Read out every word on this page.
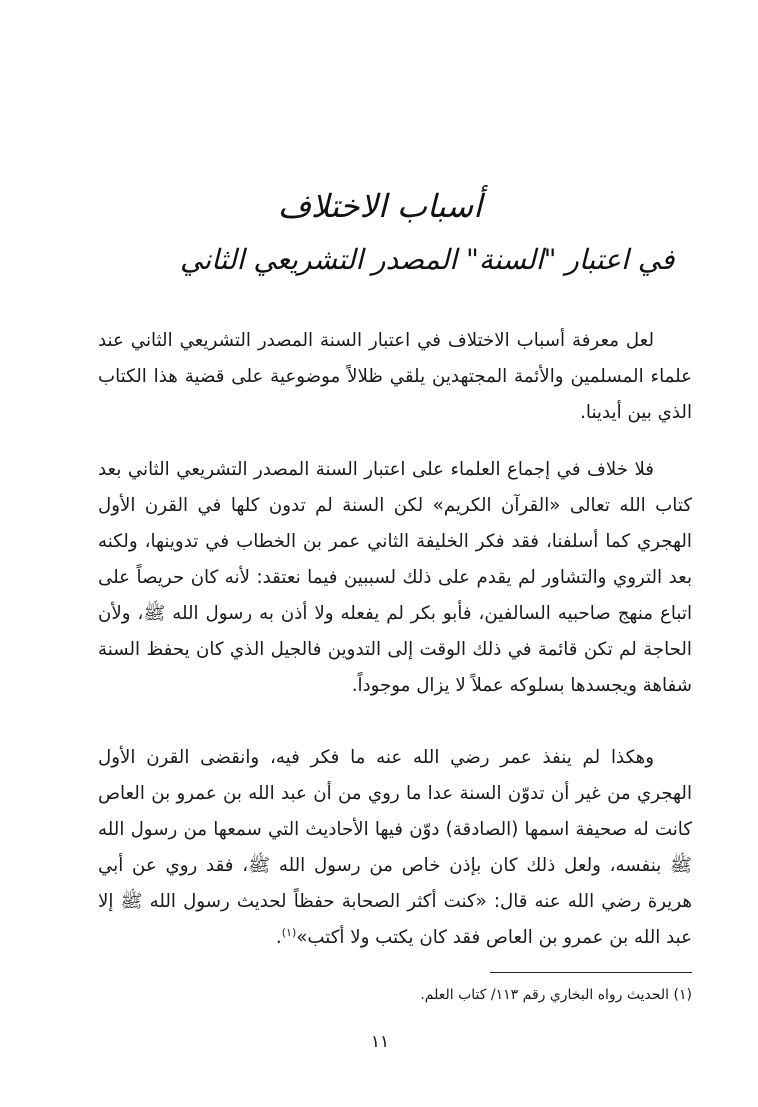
أسباب الاختلاف
في اعتبار "السنة" المصدر التشريعي الثاني

لعل معرفة أسباب الاختلاف في اعتبار السنة المصدر التشريعي الثاني عند علماء المسلمين والأئمة المجتهدين يلقي ظلالاً موضوعية على قضية هذا الكتاب الذي بين أيدينا.

فلا خلاف في إجماع العلماء على اعتبار السنة المصدر التشريعي الثاني بعد كتاب الله تعالى «القرآن الكريم» لكن السنة لم تدون كلها في القرن الأول الهجري كما أسلفنا، فقد فكر الخليفة الثاني عمر بن الخطاب في تدوينها، ولكنه بعد التروي والتشاور لم يقدم على ذلك لسببين فيما نعتقد: لأنه كان حريصاً على اتباع منهج صاحبيه السالفين، فأبو بكر لم يفعله ولا أذن به رسول الله ﷺ، ولأن الحاجة لم تكن قائمة في ذلك الوقت إلى التدوين فالجيل الذي كان يحفظ السنة شفاهة ويجسدها بسلوكه عملاً لا يزال موجوداً.

وهكذا لم ينفذ عمر رضي الله عنه ما فكر فيه، وانقضى القرن الأول الهجري من غير أن تدوّن السنة عدا ما روي من أن عبد الله بن عمرو بن العاص كانت له صحيفة اسمها (الصادقة) دوّن فيها الأحاديث التي سمعها من رسول الله ﷺ بنفسه، ولعل ذلك كان بإذن خاص من رسول الله ﷺ، فقد روي عن أبي هريرة رضي الله عنه قال: «كنت أكثر الصحابة حفظاً لحديث رسول الله ﷺ إلا عبد الله بن عمرو بن العاص فقد كان يكتب ولا أكتب»$^{(١)}$.

(١) الحديث رواه البخاري رقم ١١٣/ كتاب العلم.
١١
